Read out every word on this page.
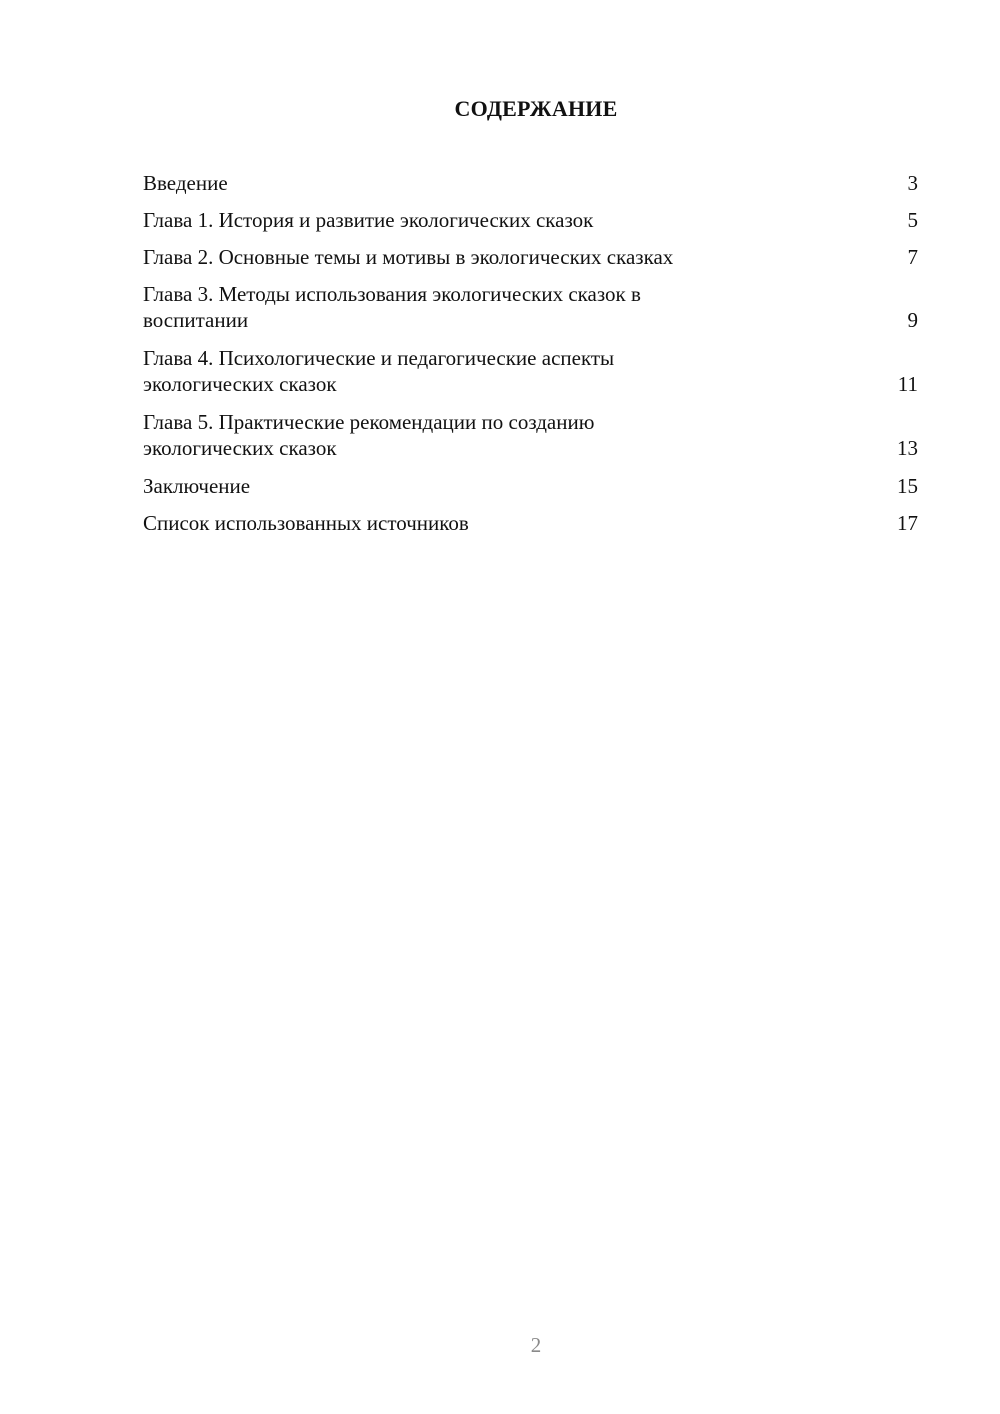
СОДЕРЖАНИЕ
Введение	3
Глава 1. История и развитие экологических сказок	5
Глава 2. Основные темы и мотивы в экологических сказках	7
Глава 3. Методы использования экологических сказок в
воспитании	9
Глава 4. Психологические и педагогические аспекты
экологических сказок	11
Глава 5. Практические рекомендации по созданию
экологических сказок	13
Заключение	15
Список использованных источников	17
2
